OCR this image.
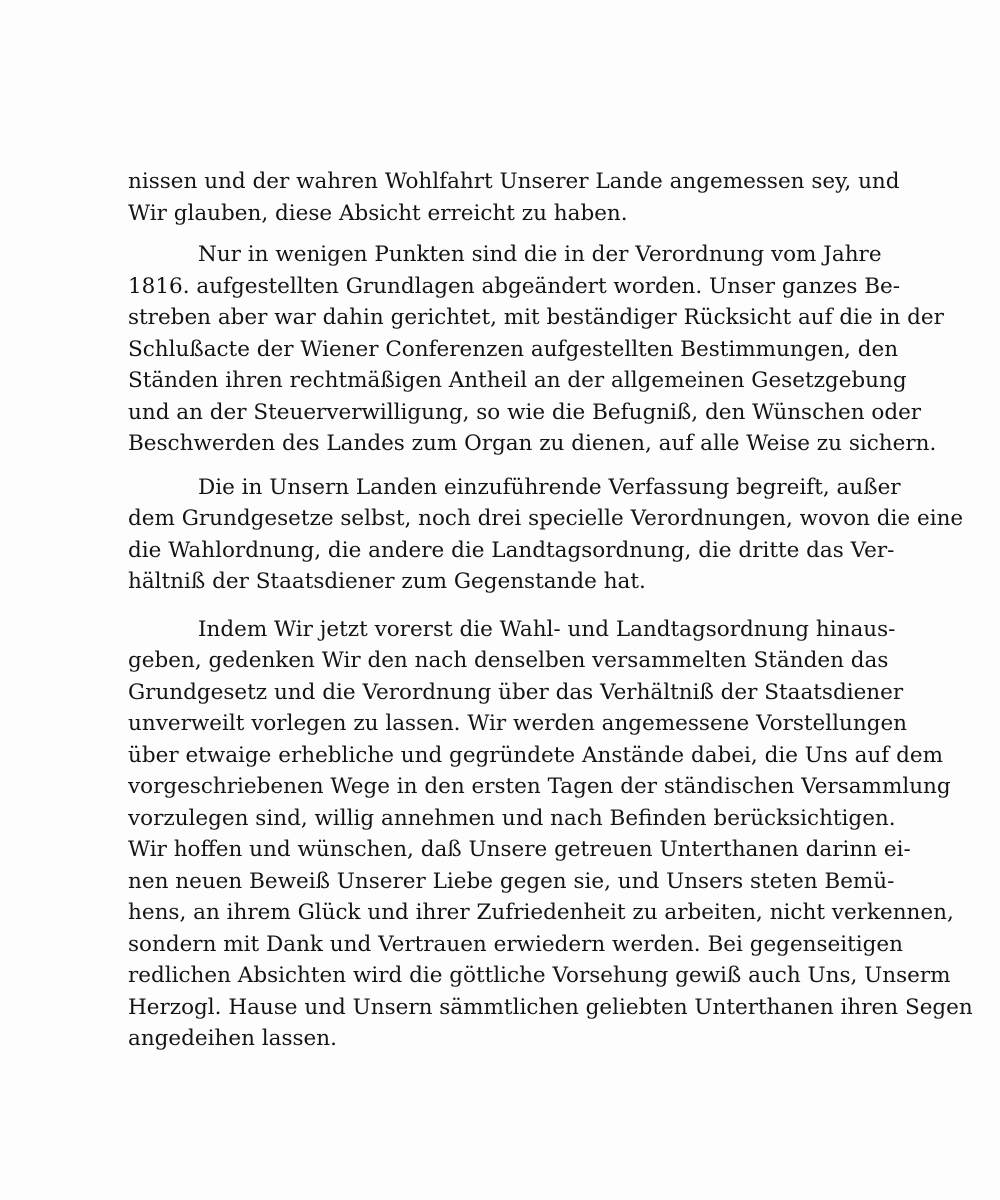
nissen und der wahren Wohlfahrt Unserer Lande angemessen sey, und
Wir glauben, diese Absicht erreicht zu haben.

Nur in wenigen Punkten sind die in der Verordnung vom Jahre
1816. aufgestellten Grundlagen abgeändert worden. Unser ganzes Be-
streben aber war dahin gerichtet, mit beständiger Rücksicht auf die in der
Schlußacte der Wiener Conferenzen aufgestellten Bestimmungen, den
Ständen ihren rechtmäßigen Antheil an der allgemeinen Gesetzgebung
und an der Steuerverwilligung, so wie die Befugniß, den Wünschen oder
Beschwerden des Landes zum Organ zu dienen, auf alle Weise zu sichern.

Die in Unsern Landen einzuführende Verfassung begreift, außer
dem Grundgesetze selbst, noch drei specielle Verordnungen, wovon die eine
die Wahlordnung, die andere die Landtagsordnung, die dritte das Ver-
hältniß der Staatsdiener zum Gegenstande hat.

Indem Wir jetzt vorerst die Wahl- und Landtagsordnung hinaus-
geben, gedenken Wir den nach denselben versammelten Ständen das
Grundgesetz und die Verordnung über das Verhältniß der Staatsdiener
unverweilt vorlegen zu lassen. Wir werden angemessene Vorstellungen
über etwaige erhebliche und gegründete Anstände dabei, die Uns auf dem
vorgeschriebenen Wege in den ersten Tagen der ständischen Versammlung
vorzulegen sind, willig annehmen und nach Befinden berücksichtigen.
Wir hoffen und wünschen, daß Unsere getreuen Unterthanen darinn ei-
nen neuen Beweiß Unserer Liebe gegen sie, und Unsers steten Bemü-
hens, an ihrem Glück und ihrer Zufriedenheit zu arbeiten, nicht verkennen,
sondern mit Dank und Vertrauen erwiedern werden. Bei gegenseitigen
redlichen Absichten wird die göttliche Vorsehung gewiß auch Uns, Unserm
Herzogl. Hause und Unsern sämmtlichen geliebten Unterthanen ihren Segen
angedeihen lassen.
